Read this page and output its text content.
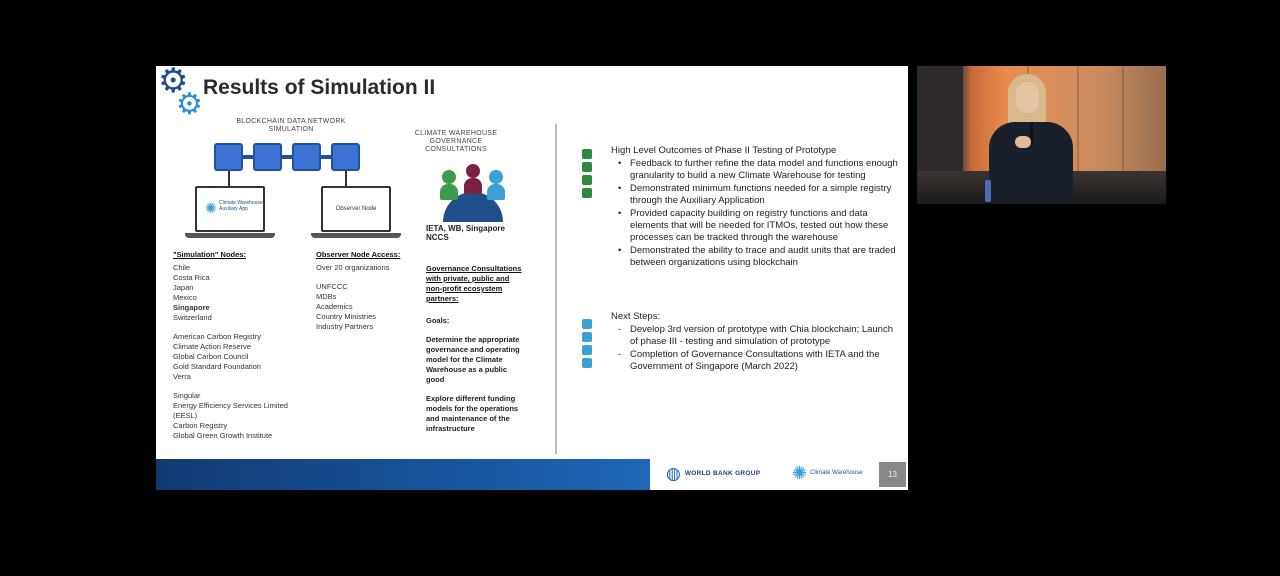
⚙
⚙ Results of Simulation II
BLOCKCHAIN DATA NETWORK SIMULATION
✺ Climate Warehouse Auxiliary App	Observer Node
CLIMATE WAREHOUSE GOVERNANCE CONSULTATIONS
IETA, WB, Singapore NCCS
"Simulation" Nodes:
Chile
Costa Rica
Japan
Mexico
Singapore
Switzerland
American Carbon Registry
Climate Action Reserve
Global Carbon Council
Gold Standard Foundation
Verra
Singular
Energy Efficiency Services Limited (EESL)
Carbon Registry
Global Green Growth Institute
Observer Node Access:
Over 20 organizations
UNFCCC
MDBs
Academics
Country Ministries
Industry Partners
Governance Consultations with private, public and non-profit ecosystem partners:
Goals:
Determine the appropriate governance and operating model for the Climate Warehouse as a public good
Explore different funding models for the operations and maintenance of the infrastructure
High Level Outcomes of Phase II Testing of Prototype
• Feedback to further refine the data model and functions enough granularity to build a new Climate Warehouse for testing
• Demonstrated minimum functions needed for a simple registry through the Auxiliary Application
• Provided capacity building on registry functions and data elements that will be needed for ITMOs, tested out how these processes can be tracked through the warehouse
• Demonstrated the ability to trace and audit units that are traded between organizations using blockchain
Next Steps:
- Develop 3rd version of prototype with Chia blockchain; Launch of phase III - testing and simulation of prototype
- Completion of Governance Consultations with IETA and the Government of Singapore (March 2022)
◍ WORLD BANK GROUP ✺ Climate Warehouse	13
